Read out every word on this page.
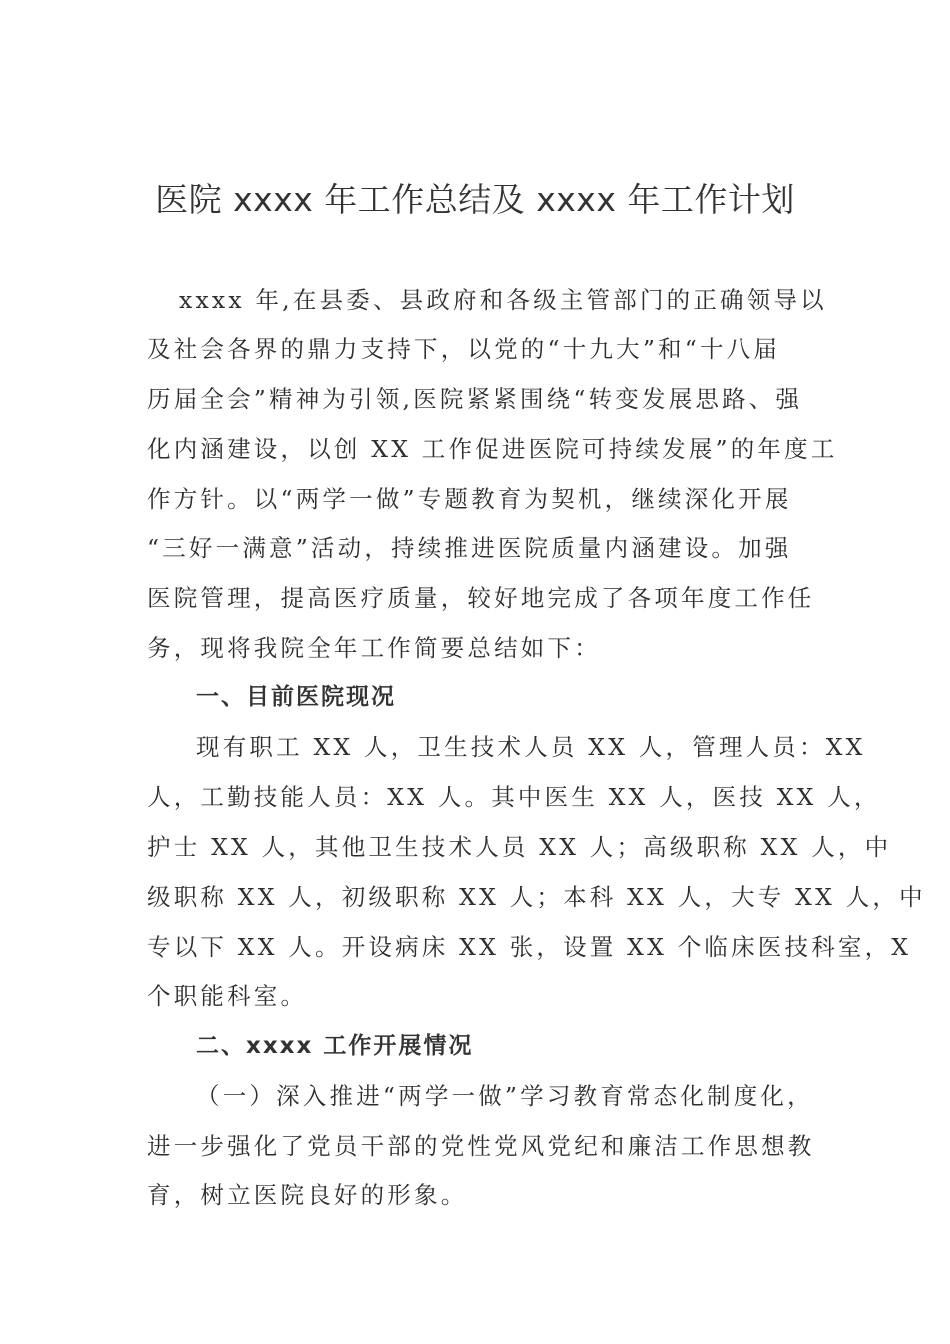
医院 xxxx 年工作总结及 xxxx 年工作计划
xxxx 年,在县委、县政府和各级主管部门的正确领导以
及社会各界的鼎力支持下，以党的“十九大”和“十八届
历届全会”精神为引领,医院紧紧围绕“转变发展思路、强
化内涵建设，以创 XX 工作促进医院可持续发展”的年度工
作方针。以“两学一做”专题教育为契机，继续深化开展
“三好一满意”活动，持续推进医院质量内涵建设。加强
医院管理，提高医疗质量，较好地完成了各项年度工作任
务，现将我院全年工作简要总结如下：
一、目前医院现况
现有职工 XX 人，卫生技术人员 XX 人，管理人员：XX
人，工勤技能人员：XX 人。其中医生 XX 人，医技 XX 人，
护士 XX 人，其他卫生技术人员 XX 人；高级职称 XX 人，中
级职称 XX 人，初级职称 XX 人；本科 XX 人，大专 XX 人，中
专以下 XX 人。开设病床 XX 张，设置 XX 个临床医技科室，X
个职能科室。
二、xxxx 工作开展情况
（一）深入推进“两学一做”学习教育常态化制度化，
进一步强化了党员干部的党性党风党纪和廉洁工作思想教
育，树立医院良好的形象。
